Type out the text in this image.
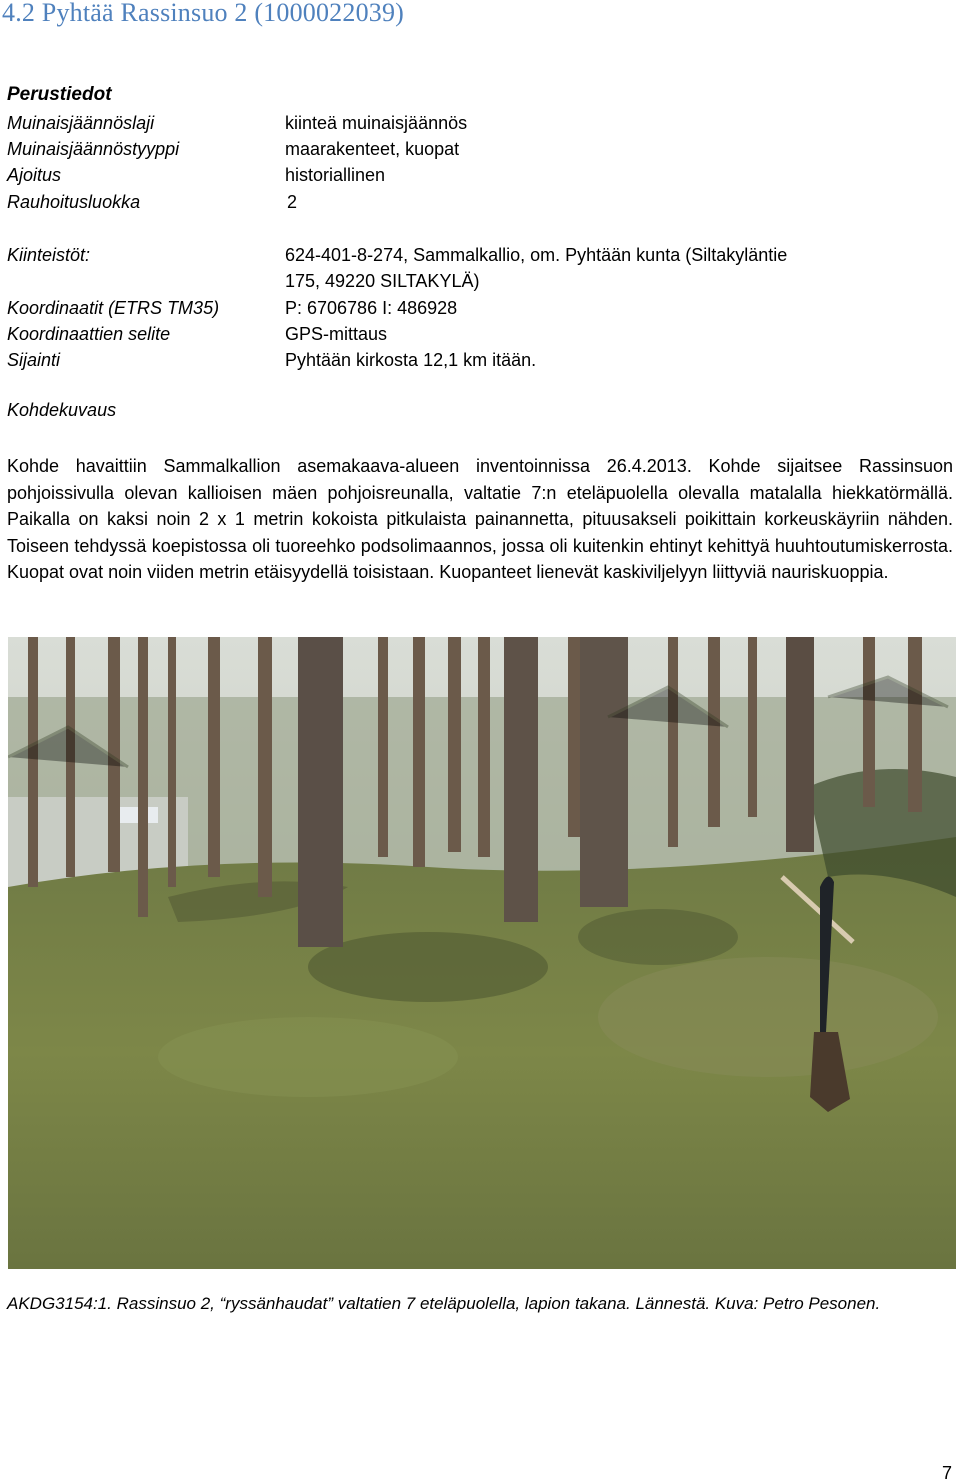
4.2 Pyhtää Rassinsuo 2 (1000022039)
Perustiedot
Muinaisjäännöslaji	kiinteä muinaisjäännös
Muinaisjäännöstyyppi	maarakenteet, kuopat
Ajoitus	historiallinen
Rauhoitusluokka	2
Kiinteistöt:	624-401-8-274, Sammalkallio, om. Pyhtään kunta (Siltakyläntie
175, 49220 SILTAKYLÄ)
Koordinaatit (ETRS TM35)	P: 6706786 I: 486928
Koordinaattien selite	GPS-mittaus
Sijainti	Pyhtään kirkosta 12,1 km itään.
Kohdekuvaus
Kohde havaittiin Sammalkallion asemakaava-alueen inventoinnissa 26.4.2013. Kohde sijaitsee Rassinsuon pohjoissivulla olevan kallioisen mäen pohjoisreunalla, valtatie 7:n eteläpuolella olevalla matalalla hiekkatörmällä. Paikalla on kaksi noin 2 x 1 metrin kokoista pitkulaista painannetta, pituusakseli poikittain korkeuskäyriin nähden. Toiseen tehdyssä koepistossa oli tuoreehko podsolimaannos, jossa oli kuitenkin ehtinyt kehittyä huuhtoutumiskerrosta. Kuopat ovat noin viiden metrin etäisyydellä toisistaan. Kuopanteet lienevät kaskiviljelyyn liittyviä nauriskuoppia.
AKDG3154:1. Rassinsuo 2, “ryssänhaudat” valtatien 7 eteläpuolella, lapion takana. Lännestä. Kuva: Petro Pesonen.
7
